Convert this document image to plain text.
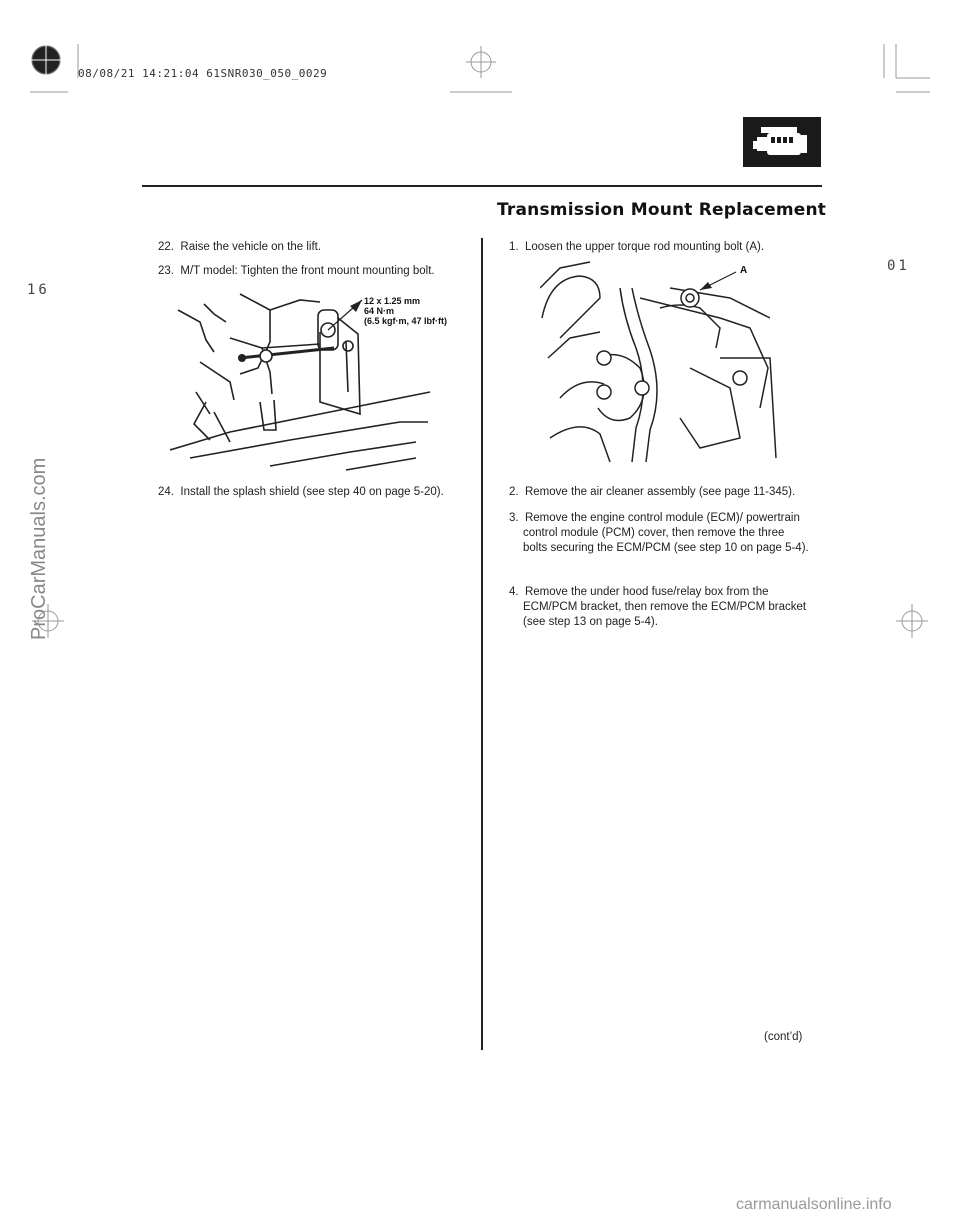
08/08/21 14:21:04 61SNR030_050_0029
Transmission Mount Replacement
16
01

22. Raise the vehicle on the lift.

23. M/T model: Tighten the front mount mounting bolt.

12 x 1.25 mm
64 N·m
(6.5 kgf·m, 47 lbf·ft)

24. Install the splash shield (see step 40 on page 5-20).

1. Loosen the upper torque rod mounting bolt (A).

A

2. Remove the air cleaner assembly (see page 11-345).

3. Remove the engine control module (ECM)/ powertrain control module (PCM) cover, then remove the three bolts securing the ECM/PCM (see step 10 on page 5-4).

4. Remove the under hood fuse/relay box from the ECM/PCM bracket, then remove the ECM/PCM bracket (see step 13 on page 5-4).

(cont’d)
ProCarManuals.com
carmanualsonline.info
